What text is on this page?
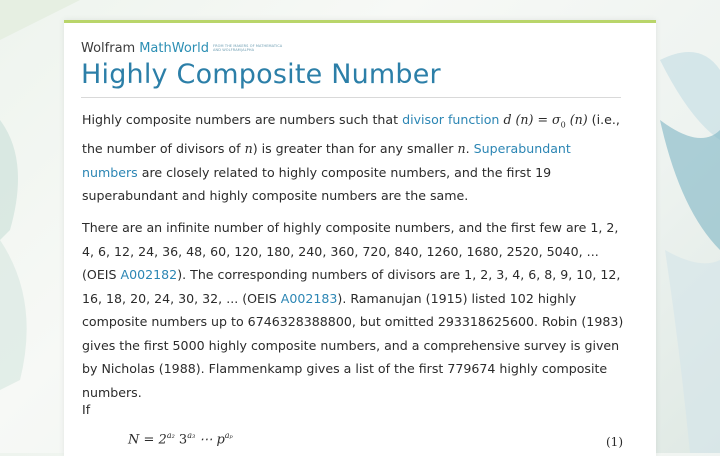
Wolfram MathWorld FROM THE MAKERS OF MATHEMATICA
AND WOLFRAM|ALPHA
Highly Composite Number

Highly composite numbers are numbers such that divisor function d $(n) = \sigma_0$ (n) (i.e., the number of divisors of n) is greater than for any smaller n. Superabundant numbers are closely related to highly composite numbers, and the first 19 superabundant and highly composite numbers are the same.

There are an infinite number of highly composite numbers, and the first few are 1, 2, 4, 6, 12, 24, 36, 48, 60, 120, 180, 240, 360, 720, 840, 1260, 1680, 2520, 5040, ... (OEIS A002182). The corresponding numbers of divisors are 1, 2, 3, 4, 6, 8, 9, 10, 12, 16, 18, 20, 24, 30, 32, ... (OEIS A002183). Ramanujan (1915) listed 102 highly composite numbers up to 6746328388800, but omitted 293318625600. Robin (1983) gives the first 5000 highly composite numbers, and a comprehensive survey is given by Nicholas (1988). Flammenkamp gives a list of the first 779674 highly composite numbers.

If

$N = 2^{a_2}$ $3^{a_3}$ ⋯ $p^{a_p}$	(1)
